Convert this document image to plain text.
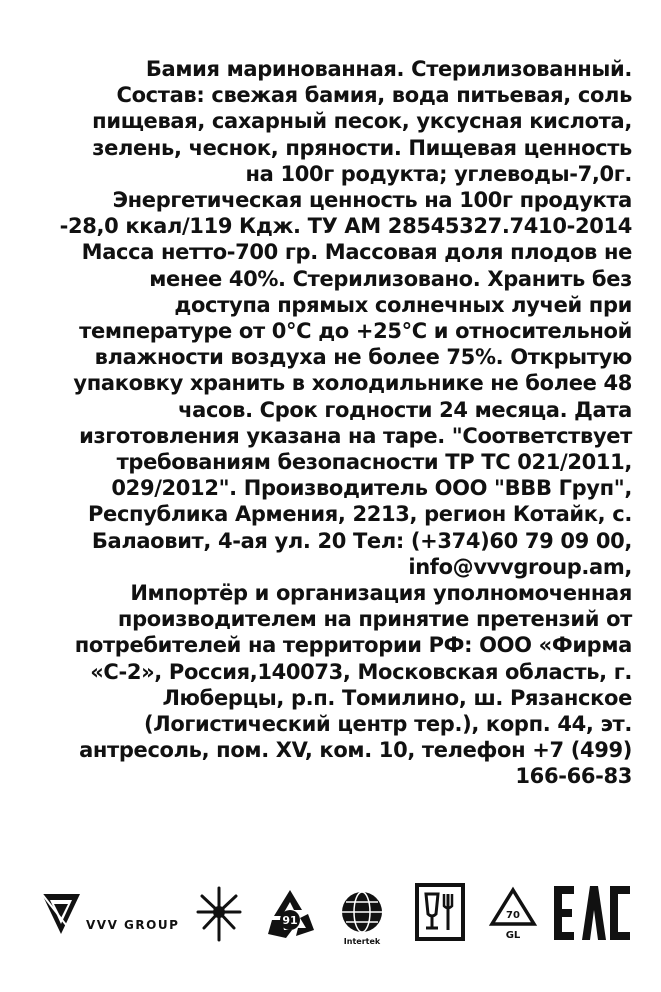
Бамия маринованная. Стерилизованный.
Состав: свежая бамия, вода питьевая, соль
пищевая, сахарный песок, уксусная кислота,
зелень, чеснок, пряности. Пищевая ценность
на 100г родукта; углеводы-7,0г.
Энергетическая ценность на 100г продукта
-28,0 ккал/119 Кдж. ТУ АМ 28545327.7410-2014
Масса нетто-700 гр. Массовая доля плодов не
менее 40%. Стерилизовано. Хранить без
доступа прямых солнечных лучей при
температуре от 0°С до +25°С и относительной
влажности воздуха не более 75%. Открытую
упаковку хранить в холодильнике не более 48
часов. Срок годности 24 месяца. Дата
изготовления указана на таре. "Соответствует
требованиям безопасности ТР ТС 021/2011,
029/2012". Производитель ООО "ВВВ Груп",
Республика Армения, 2213, регион Котайк, с.
Балаовит, 4-ая ул. 20 Тел: (+374)60 79 09 00,
info@vvvgroup.am,
Импортёр и организация уполномоченная
производителем на принятие претензий от
потребителей на территории РФ: ООО «Фирма
«С-2», Россия,140073, Московская область, г.
Люберцы, р.п. Томилино, ш. Рязанское
(Логистический центр тер.), корп. 44, эт.
антресоль, пом. XV, ком. 10, телефон +7 (499)
166-66-83
VVV GROUP	91
Intertek
70
GL
